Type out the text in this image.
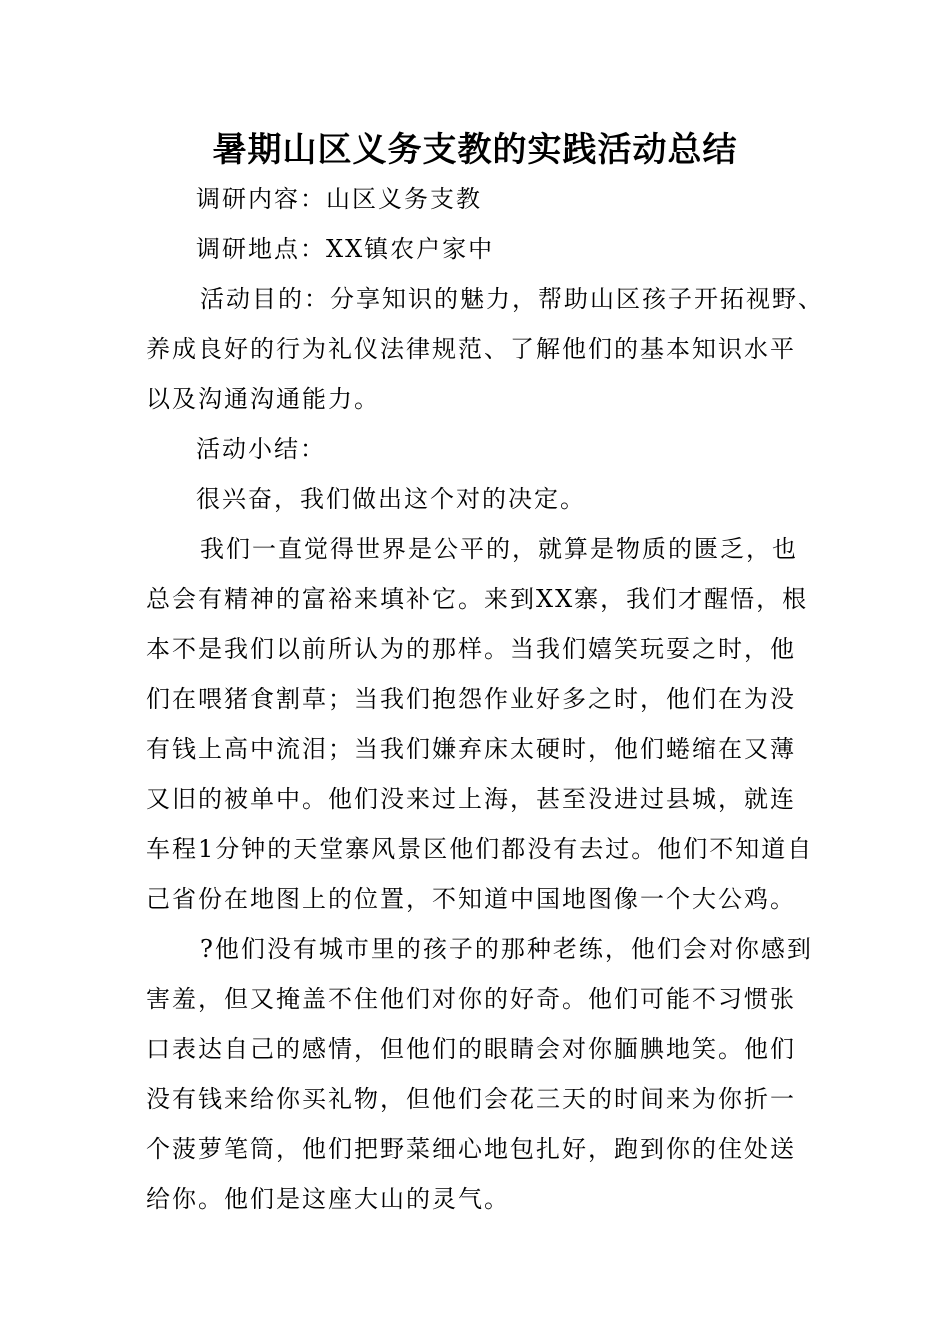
暑期山区义务支教的实践活动总结
调研内容：山区义务支教
调研地点：XX镇农户家中
活动目的：分享知识的魅力，帮助山区孩子开拓视野、
养成良好的行为礼仪法律规范、了解他们的基本知识水平
以及沟通沟通能力。
活动小结：
很兴奋，我们做出这个对的决定。
我们一直觉得世界是公平的，就算是物质的匮乏，也
总会有精神的富裕来填补它。来到XX寨，我们才醒悟，根
本不是我们以前所认为的那样。当我们嬉笑玩耍之时，他
们在喂猪食割草；当我们抱怨作业好多之时，他们在为没
有钱上高中流泪；当我们嫌弃床太硬时，他们蜷缩在又薄
又旧的被单中。他们没来过上海，甚至没进过县城，就连
车程1分钟的天堂寨风景区他们都没有去过。他们不知道自
己省份在地图上的位置，不知道中国地图像一个大公鸡。
?他们没有城市里的孩子的那种老练，他们会对你感到
害羞，但又掩盖不住他们对你的好奇。他们可能不习惯张
口表达自己的感情，但他们的眼睛会对你腼腆地笑。他们
没有钱来给你买礼物，但他们会花三天的时间来为你折一
个菠萝笔筒，他们把野菜细心地包扎好，跑到你的住处送
给你。他们是这座大山的灵气。
